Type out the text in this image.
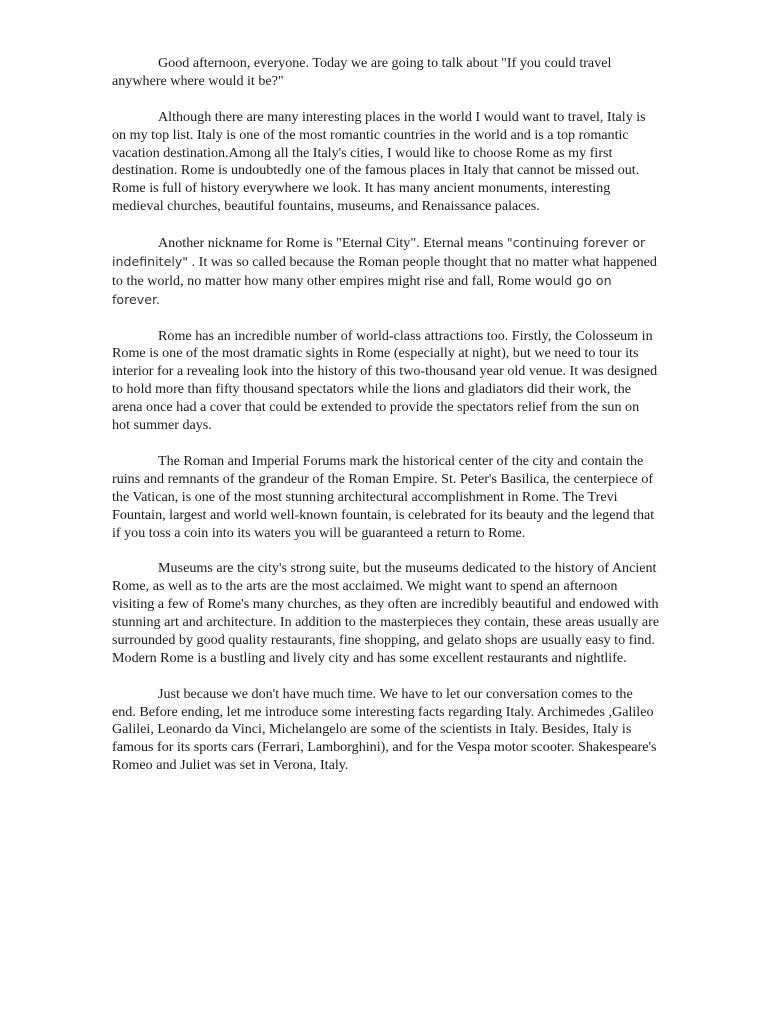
Good afternoon, everyone. Today we are going to talk about "If you could travel anywhere where would it be?"

Although there are many interesting places in the world I would want to travel, Italy is on my top list. Italy is one of the most romantic countries in the world and is a top romantic vacation destination.Among all the Italy's cities, I would like to choose Rome as my first destination. Rome is undoubtedly one of the famous places in Italy that cannot be missed out. Rome is full of history everywhere we look. It has many ancient monuments, interesting medieval churches, beautiful fountains, museums, and Renaissance palaces.

Another nickname for Rome is "Eternal City". Eternal means "continuing forever or indefinitely" . It was so called because the Roman people thought that no matter what happened to the world, no matter how many other empires might rise and fall, Rome would go on forever.

Rome has an incredible number of world-class attractions too. Firstly, the Colosseum in Rome is one of the most dramatic sights in Rome (especially at night), but we need to tour its interior for a revealing look into the history of this two-thousand year old venue. It was designed to hold more than fifty thousand spectators while the lions and gladiators did their work, the arena once had a cover that could be extended to provide the spectators relief from the sun on hot summer days.

The Roman and Imperial Forums mark the historical center of the city and contain the ruins and remnants of the grandeur of the Roman Empire. St. Peter's Basilica, the centerpiece of the Vatican, is one of the most stunning architectural accomplishment in Rome. The Trevi Fountain, largest and world well-known fountain, is celebrated for its beauty and the legend that if you toss a coin into its waters you will be guaranteed a return to Rome.

Museums are the city's strong suite, but the museums dedicated to the history of Ancient Rome, as well as to the arts are the most acclaimed. We might want to spend an afternoon visiting a few of Rome's many churches, as they often are incredibly beautiful and endowed with stunning art and architecture. In addition to the masterpieces they contain, these areas usually are surrounded by good quality restaurants, fine shopping, and gelato shops are usually easy to find. Modern Rome is a bustling and lively city and has some excellent restaurants and nightlife.

Just because we don't have much time. We have to let our conversation comes to the end. Before ending, let me introduce some interesting facts regarding Italy. Archimedes ,Galileo Galilei, Leonardo da Vinci, Michelangelo are some of the scientists in Italy. Besides, Italy is famous for its sports cars (Ferrari, Lamborghini), and for the Vespa motor scooter. Shakespeare's Romeo and Juliet was set in Verona, Italy.
